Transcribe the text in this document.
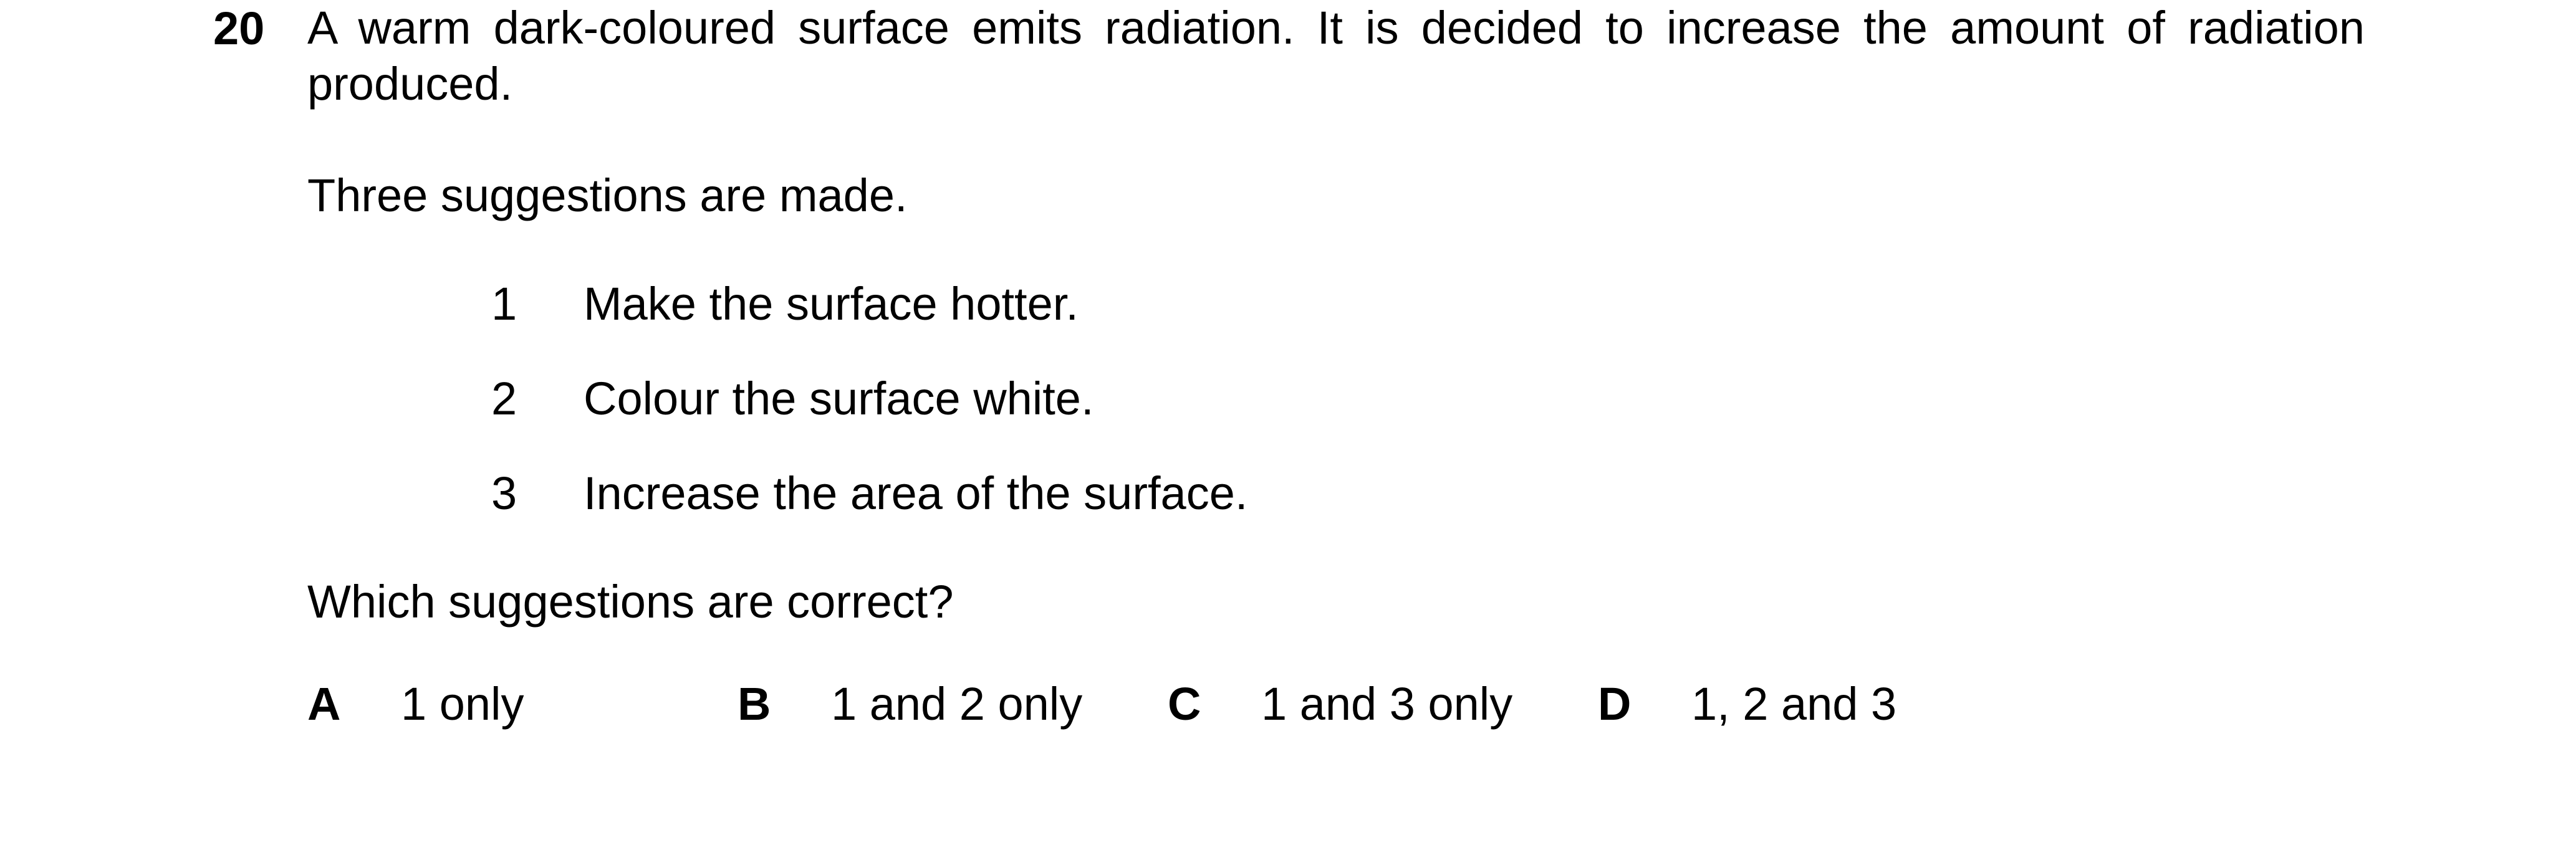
20 A warm dark-coloured surface emits radiation. It is decided to increase the amount of radiation produced.
Three suggestions are made.
1 Make the surface hotter.
2 Colour the surface white.
3 Increase the area of the surface.
Which suggestions are correct?
A 1 only	B 1 and 2 only C 1 and 3 only D 1, 2 and 3
